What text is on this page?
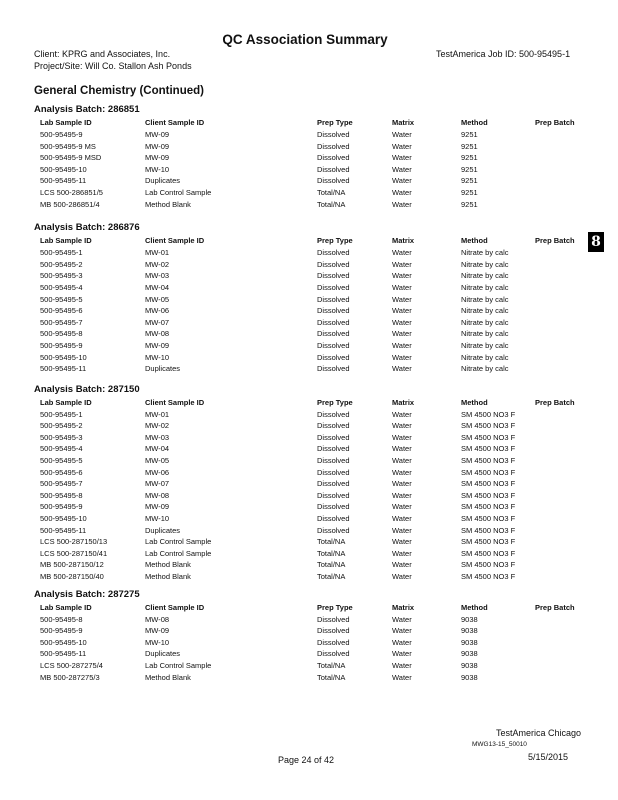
QC Association Summary
Client: KPRG and Associates, Inc.
Project/Site: Will Co. Stallon Ash Ponds
TestAmerica Job ID: 500-95495-1
8
General Chemistry (Continued)
Analysis Batch: 286851
Lab Sample ID	Client Sample ID	Prep Type	Matrix	Method	Prep Batch
500-95495-9	MW-09	Dissolved	Water	9251	
500-95495-9 MS	MW-09	Dissolved	Water	9251	
500-95495-9 MSD	MW-09	Dissolved	Water	9251	
500-95495-10	MW-10	Dissolved	Water	9251	
500-95495-11	Duplicates	Dissolved	Water	9251	
LCS 500-286851/5	Lab Control Sample	Total/NA	Water	9251	
MB 500-286851/4	Method Blank	Total/NA	Water	9251	
Analysis Batch: 286876
Lab Sample ID	Client Sample ID	Prep Type	Matrix	Method	Prep Batch
500-95495-1	MW-01	Dissolved	Water	Nitrate by calc	
500-95495-2	MW-02	Dissolved	Water	Nitrate by calc	
500-95495-3	MW-03	Dissolved	Water	Nitrate by calc	
500-95495-4	MW-04	Dissolved	Water	Nitrate by calc	
500-95495-5	MW-05	Dissolved	Water	Nitrate by calc	
500-95495-6	MW-06	Dissolved	Water	Nitrate by calc	
500-95495-7	MW-07	Dissolved	Water	Nitrate by calc	
500-95495-8	MW-08	Dissolved	Water	Nitrate by calc	
500-95495-9	MW-09	Dissolved	Water	Nitrate by calc	
500-95495-10	MW-10	Dissolved	Water	Nitrate by calc	
500-95495-11	Duplicates	Dissolved	Water	Nitrate by calc	
Analysis Batch: 287150
Lab Sample ID	Client Sample ID	Prep Type	Matrix	Method	Prep Batch
500-95495-1	MW-01	Dissolved	Water	SM 4500 NO3 F	
500-95495-2	MW-02	Dissolved	Water	SM 4500 NO3 F	
500-95495-3	MW-03	Dissolved	Water	SM 4500 NO3 F	
500-95495-4	MW-04	Dissolved	Water	SM 4500 NO3 F	
500-95495-5	MW-05	Dissolved	Water	SM 4500 NO3 F	
500-95495-6	MW-06	Dissolved	Water	SM 4500 NO3 F	
500-95495-7	MW-07	Dissolved	Water	SM 4500 NO3 F	
500-95495-8	MW-08	Dissolved	Water	SM 4500 NO3 F	
500-95495-9	MW-09	Dissolved	Water	SM 4500 NO3 F	
500-95495-10	MW-10	Dissolved	Water	SM 4500 NO3 F	
500-95495-11	Duplicates	Dissolved	Water	SM 4500 NO3 F	
LCS 500-287150/13	Lab Control Sample	Total/NA	Water	SM 4500 NO3 F	
LCS 500-287150/41	Lab Control Sample	Total/NA	Water	SM 4500 NO3 F	
MB 500-287150/12	Method Blank	Total/NA	Water	SM 4500 NO3 F	
MB 500-287150/40	Method Blank	Total/NA	Water	SM 4500 NO3 F	
Analysis Batch: 287275
Lab Sample ID	Client Sample ID	Prep Type	Matrix	Method	Prep Batch
500-95495-8	MW-08	Dissolved	Water	9038	
500-95495-9	MW-09	Dissolved	Water	9038	
500-95495-10	MW-10	Dissolved	Water	9038	
500-95495-11	Duplicates	Dissolved	Water	9038	
LCS 500-287275/4	Lab Control Sample	Total/NA	Water	9038	
MB 500-287275/3	Method Blank	Total/NA	Water	9038	
TestAmerica Chicago
MWG13-15_50010
5/15/2015
Page 24 of 42
